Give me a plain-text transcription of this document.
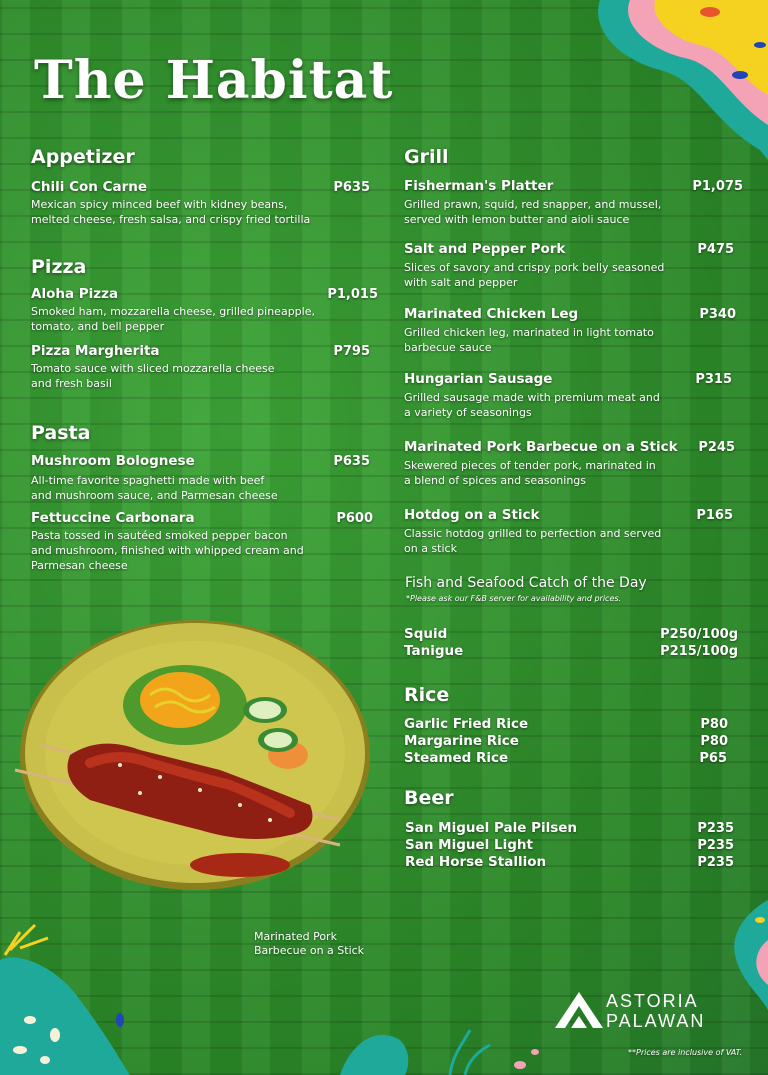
The Habitat
Appetizer
Chili Con Carne	P635
Mexican spicy minced beef with kidney beans,
melted cheese, fresh salsa, and crispy fried tortilla
Pizza
Aloha Pizza	P1,015
Smoked ham, mozzarella cheese, grilled pineapple,
tomato, and bell pepper
Pizza Margherita	P795
Tomato sauce with sliced mozzarella cheese
and fresh basil
Pasta
Mushroom Bolognese	P635
All-time favorite spaghetti made with beef
and mushroom sauce, and Parmesan cheese
Fettuccine Carbonara	P600
Pasta tossed in sautéed smoked pepper bacon
and mushroom, finished with whipped cream and
Parmesan cheese
Marinated Pork
Barbecue on a Stick
Grill
Fisherman's Platter	P1,075
Grilled prawn, squid, red snapper, and mussel,
served with lemon butter and aioli sauce
Salt and Pepper Pork	P475
Slices of savory and crispy pork belly seasoned
with salt and pepper
Marinated Chicken Leg	P340
Grilled chicken leg, marinated in light tomato
barbecue sauce
Hungarian Sausage	P315
Grilled sausage made with premium meat and
a variety of seasonings
Marinated Pork Barbecue on a Stick	P245
Skewered pieces of tender pork, marinated in
a blend of spices and seasonings
Hotdog on a Stick	P165
Classic hotdog grilled to perfection and served
on a stick
Fish and Seafood Catch of the Day
*Please ask our F&B server for availability and prices.
Squid	P250/100g
Tanigue	P215/100g
Rice
Garlic Fried Rice	P80
Margarine Rice	P80
Steamed Rice	P65
Beer
San Miguel Pale Pilsen	P235
San Miguel Light	P235
Red Horse Stallion	P235
ASTORIA
PALAWAN
**Prices are inclusive of VAT.
